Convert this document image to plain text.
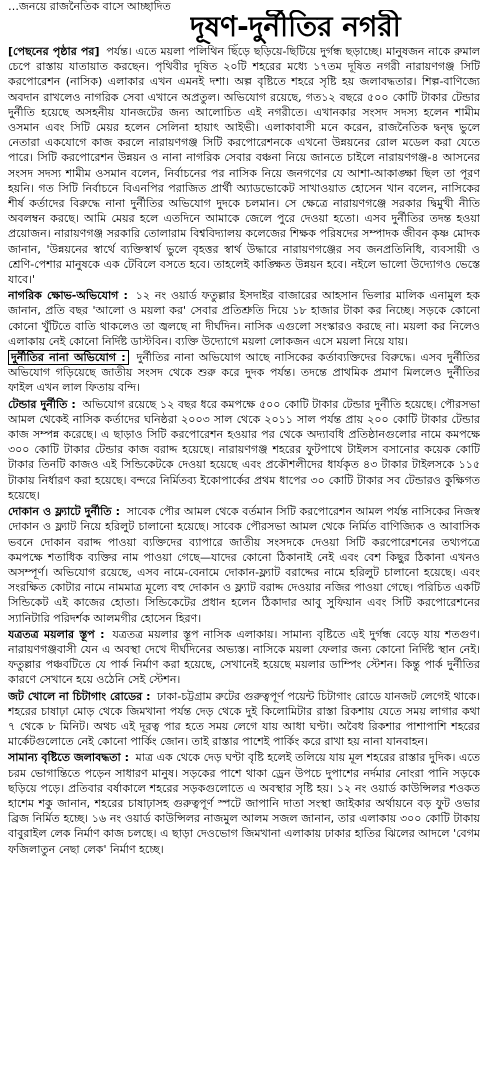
…জনয়ে রাজনৈতিক বাসে আচ্ছাদিত
দূষণ-দুর্নীতির নগরী

[পেছনের পৃষ্ঠার পর] পর্যন্ত। এতে ময়লা পলিথিন ছিঁড়ে ছড়িয়ে-ছিটিয়ে দুর্গন্ধ ছড়াচ্ছে। মানুষজন নাকে রুমাল চেপে রাস্তায় যাতায়াত করছেন। পৃথিবীর দূষিত ২০টি শহরের মধ্যে ১৭তম দূষিত নগরী নারায়ণগঞ্জ সিটি করপোরেশন (নাসিক) এলাকার এখন এমনই দশা। অল্প বৃষ্টিতে শহরে সৃষ্টি হয় জলাবদ্ধতার। শিল্প-বাণিজ্যে অবদান রাখলেও নাগরিক সেবা এখানে অপ্রতুল। অভিযোগ রয়েছে, গত১২ বছরে ৫০০ কোটি টাকার টেন্ডার দুর্নীতি হয়েছে অসহনীয় যানজটের জন্য আলোচিত এই নগরীতে। এখানকার সংসদ সদস্য হলেন শামীম ওসমান এবং সিটি মেয়র হলেন সেলিনা হায়াৎ আইভী। এলাকাবাসী মনে করেন, রাজনৈতিক দ্বন্দ্ব ভুলে নেতারা একযোগে কাজ করলে নারায়ণগঞ্জ সিটি করপোরেশনকে এখনো উন্নয়নের রোল মডেল করা যেতে পারে। সিটি করপোরেশন উন্নয়ন ও নানা নাগরিক সেবার বঞ্চনা নিয়ে জানতে চাইলে নারায়ণগঞ্জ-৪ আসনের সংসদ সদস্য শামীম ওসমান বলেন, নির্বাচনের পর নাসিক নিয়ে জনগণের যে আশা-আকাঙ্ক্ষা ছিল তা পূরণ হয়নি। গত সিটি নির্বাচনে বিএনপির পরাজিত প্রার্থী অ্যাডভোকেট সাখাওয়াত হোসেন খান বলেন, নাসিকের শীর্ষ কর্তাদের বিরুদ্ধে নানা দুর্নীতির অভিযোগ দুদকে চলমান। সে ক্ষেত্রে নারায়ণগঞ্জে সরকার দ্বিমুখী নীতি অবলম্বন করছে। আমি মেয়র হলে এতদিনে আমাকে জেলে পুরে দেওয়া হতো। এসব দুর্নীতির তদন্ত হওয়া প্রয়োজন। নারায়ণগঞ্জ সরকারি তোলারাম বিশ্ববিদ্যালয় কলেজের শিক্ষক পরিষদের সম্পাদক জীবন কৃষ্ণ মোদক জানান, 'উন্নয়নের স্বার্থে ব্যক্তিস্বার্থ ভুলে বৃহত্তর স্বার্থ উদ্ধারে নারায়ণগঞ্জের সব জনপ্রতিনিধি, ব্যবসায়ী ও শ্রেণি-পেশার মানুষকে এক টেবিলে বসতে হবে। তাহলেই কাঙ্ক্ষিত উন্নয়ন হবে। নইলে ভালো উদ্যোগও ভেস্তে যাবে।'

নাগরিক ক্ষোভ-অভিযোগ : ১২ নং ওয়ার্ড ফতুল্লার ইসদাইর বাজারের আহসান ভিলার মালিক এনামুল হক জানান, প্রতি বছর 'আলো ও ময়লা কর' সেবার প্রতিশ্রুতি দিয়ে ১৮ হাজার টাকা কর নিচ্ছে। সড়কে কোনো কোনো খুঁটিতে বাতি থাকলেও তা জ্বলছে না দীর্ঘদিন। নাসিক এগুলো সংস্কারও করছে না। ময়লা কর নিলেও এলাকায় নেই কোনো নির্দিষ্ট ডাস্টবিন। ব্যক্তি উদ্যোগে ময়লা লোকজন এসে ময়লা নিয়ে যায়।

দুর্নীতির নানা অভিযোগ : দুর্নীতির নানা অভিযোগ আছে নাসিকের কর্তাব্যক্তিদের বিরুদ্ধে। এসব দুর্নীতির অভিযোগ গড়িয়েছে জাতীয় সংসদ থেকে শুরু করে দুদক পর্যন্ত। তদন্তে প্রাথমিক প্রমাণ মিললেও দুর্নীতির ফাইল এখন লাল ফিতায় বন্দি।

টেন্ডার দুর্নীতি : অভিযোগ রয়েছে ১২ বছর ধরে কমপক্ষে ৫০০ কোটি টাকার টেন্ডার দুর্নীতি হয়েছে। পৌরসভা আমল থেকেই নাসিক কর্তাদের ঘনিষ্ঠরা ২০০৩ সাল থেকে ২০১১ সাল পর্যন্ত প্রায় ২০০ কোটি টাকার টেন্ডার কাজ সম্পন্ন করেছে। এ ছাড়াও সিটি করপোরেশন হওয়ার পর থেকে অদ্যাবধি প্রতিষ্ঠানগুলোর নামে কমপক্ষে ৩০০ কোটি টাকার টেন্ডার কাজ বরাদ্দ হয়েছে। নারায়ণগঞ্জ শহরের ফুটপাথে টাইলস বসানোর কয়েক কোটি টাকার তিনটি কাজও এই সিন্ডিকেটকে দেওয়া হয়েছে এবং প্রকৌশলীদের ধার্যকৃত ৪৩ টাকার টাইলসকে ১১৫ টাকায় নির্ধারণ করা হয়েছে। বন্দরে নির্মিতব্য ইকোপার্কের প্রথম ধাপের ৩০ কোটি টাকার সব টেন্ডারও কুক্ষিগত হয়েছে।

দোকান ও ফ্ল্যাটে দুর্নীতি : সাবেক পৌর আমল থেকে বর্তমান সিটি করপোরেশন আমল পর্যন্ত নাসিকের নিজস্ব দোকান ও ফ্ল্যাট নিয়ে হরিলুট চালানো হয়েছে। সাবেক পৌরসভা আমল থেকে নির্মিত বাণিজ্যিক ও আবাসিক ভবনে দোকান বরাদ্দ পাওয়া ব্যক্তিদের ব্যাপারে জাতীয় সংসদকে দেওয়া সিটি করপোরেশনের তথ্যপত্রে কমপক্ষে শতাধিক ব্যক্তির নাম পাওয়া গেছে—যাদের কোনো ঠিকানাই নেই এবং বেশ কিছুর ঠিকানা এখনও অসম্পূর্ণ। অভিযোগ রয়েছে, এসব নামে-বেনামে দোকান-ফ্ল্যাট বরাদ্দের নামে হরিলুট চালানো হয়েছে। এবং সংরক্ষিত কোটার নামে নামমাত্র মূল্যে বহু দোকান ও ফ্ল্যাট বরাদ্দ দেওয়ার নজির পাওয়া গেছে। পরিচিত একটি সিন্ডিকেট এই কাজের হোতা। সিন্ডিকেটের প্রধান হলেন ঠিকাদার আবু সুফিয়ান এবং সিটি করপোরেশনের স্যানিটারি পরিদর্শক আলমগীর হোসেন হিরণ।

যত্রতত্র ময়লার স্তূপ : যত্রতত্র ময়লার স্তূপ নাসিক এলাকায়। সামান্য বৃষ্টিতে এই দুর্গন্ধ বেড়ে যায় শতগুণ। নারায়ণগঞ্জবাসী যেন এ অবস্থা দেখে দীর্ঘদিনের অভ্যস্ত। নাসিকে ময়লা ফেলার জন্য কোনো নির্দিষ্ট স্থান নেই। ফতুল্লার পঞ্চবটিতে যে পার্ক নির্মাণ করা হয়েছে, সেখানেই হয়েছে ময়লার ডাম্পিং স্টেশন। কিন্তু পার্ক দুর্নীতির কারণে সেখানে হয়ে ওঠেনি সেই স্টেশন।

জট খোলে না চিটাগাং রোডের : ঢাকা-চট্টগ্রাম রুটের গুরুত্বপূর্ণ পয়েন্ট চিটাগাং রোডে যানজট লেগেই থাকে। শহরের চাষাঢ়া মোড় থেকে জিমখানা পর্যন্ত দেড় থেকে দুই কিলোমিটার রাস্তা রিকশায় যেতে সময় লাগার কথা ৭ থেকে ৮ মিনিট। অথচ এই দূরত্ব পার হতে সময় লেগে যায় আধা ঘণ্টা। অবৈধ রিকশার পাশাপাশি শহরের মার্কেটগুলোতে নেই কোনো পার্কিং জোন। তাই রাস্তার পাশেই পার্কিং করে রাখা হয় নানা যানবাহন।

সামান্য বৃষ্টিতে জলাবদ্ধতা : মাত্র এক থেকে দেড় ঘণ্টা বৃষ্টি হলেই তলিয়ে যায় মূল শহরের রাস্তার দুদিক। এতে চরম ভোগান্তিতে পড়েন সাধারণ মানুষ। সড়কের পাশে থাকা ড্রেন উপচে দুপাশের নর্দমার নোংরা পানি সড়কে ছড়িয়ে পড়ে। প্রতিবার বর্ষাকালে শহরের সড়কগুলোতে এ অবস্থার সৃষ্টি হয়। ১২ নং ওয়ার্ড কাউন্সিলর শওকত হাশেম শকু জানান, শহরের চাষাঢ়াসহ গুরুত্বপূর্ণ স্পটে জাপানি দাতা সংস্থা জাইকার অর্থায়নে বড় ফুট ওভার ব্রিজ নির্মিত হচ্ছে। ১৬ নং ওয়ার্ড কাউন্সিলর নাজমুল আলম সজল জানান, তার এলাকায় ৩০০ কোটি টাকায় বাবুরাইল লেক নির্মাণ কাজ চলছে। এ ছাড়া দেওভোগ জিমখানা এলাকায় ঢাকার হাতির ঝিলের আদলে 'বেগম ফজিলাতুন নেছা লেক' নির্মাণ হচ্ছে।
